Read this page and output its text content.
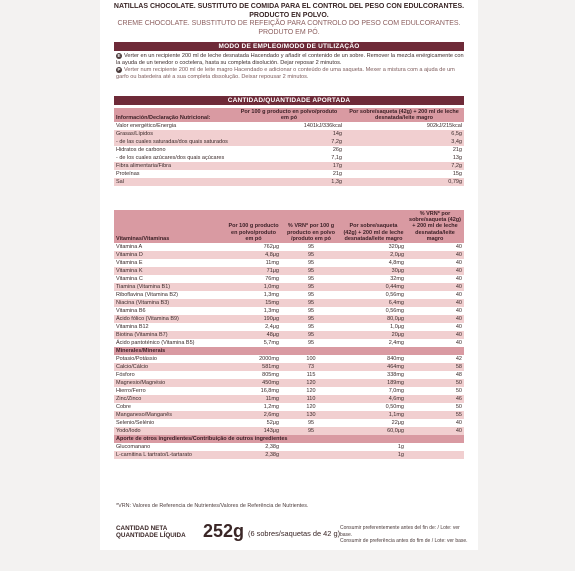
NATILLAS CHOCOLATE. SUSTITUTO DE COMIDA PARA EL CONTROL DEL PESO CON EDULCORANTES.
PRODUCTO EN POLVO.
CREME CHOCOLATE. SUBSTITUTO DE REFEIÇÃO PARA CONTROLO DO PESO COM EDULCORANTES.
PRODUTO EM PÓ.
MODO DE EMPLEO/MODO DE UTILIZAÇÃO
E Verter en un recipiente 200 ml de leche desnatada Hacendado y añadir el contenido de un sobre. Remover la mezcla enérgicamente con la ayuda de un tenedor o coctelera, hasta su completa disolución. Dejar reposar 2 minutos.
P Verter num recipiente 200 ml de leite magro Hacendado e adicionar o conteúdo de uma saqueta. Mexer a mistura com a ajuda de um garfo ou batedeira até a sua completa dissolução. Deixar repousar 2 minutos.
CANTIDAD/QUANTIDADE APORTADA
Información/Declaração Nutricional:	Por 100 g producto en polvo/produto em pó	Por sobre/saqueta (42g) + 200 ml de leche desnatada/leite magro
Valor energético/Energia	1401kJ/336kcal	902kJ/215kcal
Grasas/Lípidos	14g	6,5g
- de las cuales saturadas/dos quais saturados	7,2g	3,4g
Hidratos de carbono	26g	21g
- de los cuales azúcares/dos quais açúcares	7,1g	13g
Fibra alimentaria/Fibra	17g	7,2g
Proteínas	21g	15g
Sal	1,3g	0,79g
Vitaminas/Vitaminas	Por 100 g producto en polvo/produto em pó	% VRN* por 100 g producto en polvo /produto em pó	Por sobre/saqueta (42g) + 200 ml de leche desnatada/leite magro	% VRN* por sobre/saqueta (42g) + 200 ml de leche desnatada/leite magro
Vitamina A	762μg	95	320μg	40
Vitamina D	4,8μg	95	2,0μg	40
Vitamina E	11mg	95	4,8mg	40
Vitamina K	71μg	95	30μg	40
Vitamina C	76mg	95	32mg	40
Tiamina (Vitamina B1)	1,0mg	95	0,44mg	40
Riboflavina (Vitamina B2)	1,3mg	95	0,56mg	40
Niacina (Vitamina B3)	15mg	95	6,4mg	40
Vitamina B6	1,3mg	95	0,56mg	40
Ácido fólico (Vitamina B9)	190μg	95	80,0μg	40
Vitamina B12	2,4μg	95	1,0μg	40
Biotina (Vitamina B7)	48μg	95	20μg	40
Ácido pantoténico (Vitamina B5)	5,7mg	95	2,4mg	40
Minerales/Minerais				
Potasio/Potássio	2000mg	100	840mg	42
Calcio/Cálcio	581mg	73	464mg	58
Fósforo	805mg	115	338mg	48
Magnesio/Magnésio	450mg	120	189mg	50
Hierro/Ferro	16,8mg	120	7,0mg	50
Zinc/Zinco	11mg	110	4,6mg	46
Cobre	1,2mg	120	0,50mg	50
Manganeso/Manganês	2,6mg	130	1,1mg	55
Selenio/Selénio	52μg	95	22μg	40
Yodo/Iodo	143μg	95	60,0μg	40
Aporte de otros ingredientes/Contribuição de outros ingredientes				
Glucomanano	2,38g		1g	
L-carnitina L tartrato/L-tartarato	2,38g		1g	
*VRN: Valores de Referencia de Nutrientes/Valores de Referência de Nutrientes.
CANTIDAD NETA
QUANTIDADE LÍQUIDA 252g (6 sobres/saquetas de 42 g)
Consumir preferentemente antes del fin de: / Lote: ver base.
Consumir de preferência antes do fim de / Lote: ver base.
